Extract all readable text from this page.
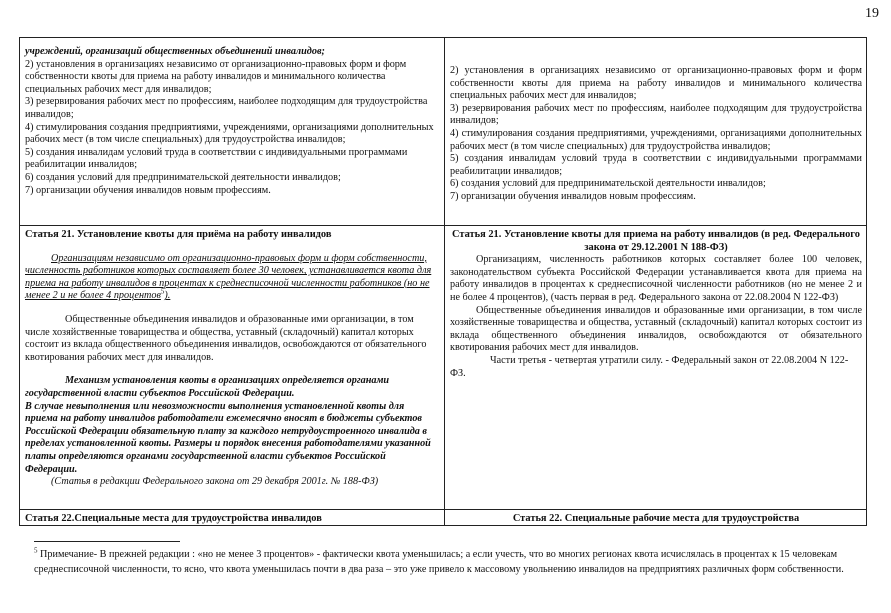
19

учреждений, организаций общественных объединений инвалидов;

2) установления в организациях независимо от организационно-правовых форм и форм собственности квоты для приема на работу инвалидов и минимального количества специальных рабочих мест для инвалидов;

3) резервирования рабочих мест по профессиям, наиболее подходящим для трудоустройства инвалидов;

4) стимулирования создания предприятиями, учреждениями, организациями дополнительных рабочих мест (в том числе специальных) для трудоустройства инвалидов;

5) создания инвалидам условий труда в соответствии с индивидуальными программами реабилитации инвалидов;

6) создания условий для предпринимательской деятельности инвалидов;

7) организации обучения инвалидов новым профессиям.

2) установления в организациях независимо от организационно-правовых форм и форм собственности квоты для приема на работу инвалидов и минимального количества специальных рабочих мест для инвалидов;

3) резервирования рабочих мест по профессиям, наиболее подходящим для трудоустройства инвалидов;

4) стимулирования создания предприятиями, учреждениями, организациями дополнительных рабочих мест (в том числе специальных) для трудоустройства инвалидов;

5) создания инвалидам условий труда в соответствии с индивидуальными программами реабилитации инвалидов;

6) создания условий для предпринимательской деятельности инвалидов;

7) организации обучения инвалидов новым профессиям.

Статья 21. Установление квоты для приёма на работу инвалидов

Организациям независимо от организационно-правовых форм и форм собственности, численность работников которых составляет более 30 человек, устанавливается квота для приема на работу инвалидов в процентах к среднесписочной численности работников (но не менее 2 и не более 4 процентов$^5$).

Общественные объединения инвалидов и образованные ими организации, в том числе хозяйственные товарищества и общества, уставный (складочный) капитал которых состоит из вклада общественного объединения инвалидов, освобождаются от обязательного квотирования рабочих мест для инвалидов.

Механизм установления квоты в организациях определяется органами государственной власти субъектов Российской Федерации.

В случае невыполнения или невозможности выполнения установленной квоты для приема на работу инвалидов работодатели ежемесячно вносят в бюджеты субъектов Российской Федерации обязательную плату за каждого нетрудоустроенного инвалида в пределах установленной квоты. Размеры и порядок внесения работодателями указанной платы определяются органами государственной власти субъектов Российской Федерации.

(Статья в редакции Федерального закона от 29 декабря 2001г. № 188-ФЗ)

Статья 21. Установление квоты для приема на работу инвалидов (в ред. Федерального закона от 29.12.2001 N 188-ФЗ)

Организациям, численность работников которых составляет более 100 человек, законодательством субъекта Российской Федерации устанавливается квота для приема на работу инвалидов в процентах к среднесписочной численности работников (но не менее 2 и не более 4 процентов), (часть первая в ред. Федерального закона от 22.08.2004 N 122-ФЗ)

Общественные объединения инвалидов и образованные ими организации, в том числе хозяйственные товарищества и общества, уставный (складочный) капитал которых состоит из вклада общественного объединения инвалидов, освобождаются от обязательного квотирования рабочих мест для инвалидов.

Части третья - четвертая утратили силу. - Федеральный закон от 22.08.2004 N 122-ФЗ.

Статья 22.Специальные места для трудоустройства инвалидов	Статья 22. Специальные рабочие места для трудоустройства

$^5$ Примечание- В прежней редакции : «но не менее 3 процентов» - фактически квота уменьшилась; а если учесть, что во многих регионах квота исчислялась в процентах к 15 человекам среднесписочной численности, то ясно, что квота уменьшилась почти в два раза – это уже привело к массовому увольнению инвалидов на предприятиях различных форм собственности.
